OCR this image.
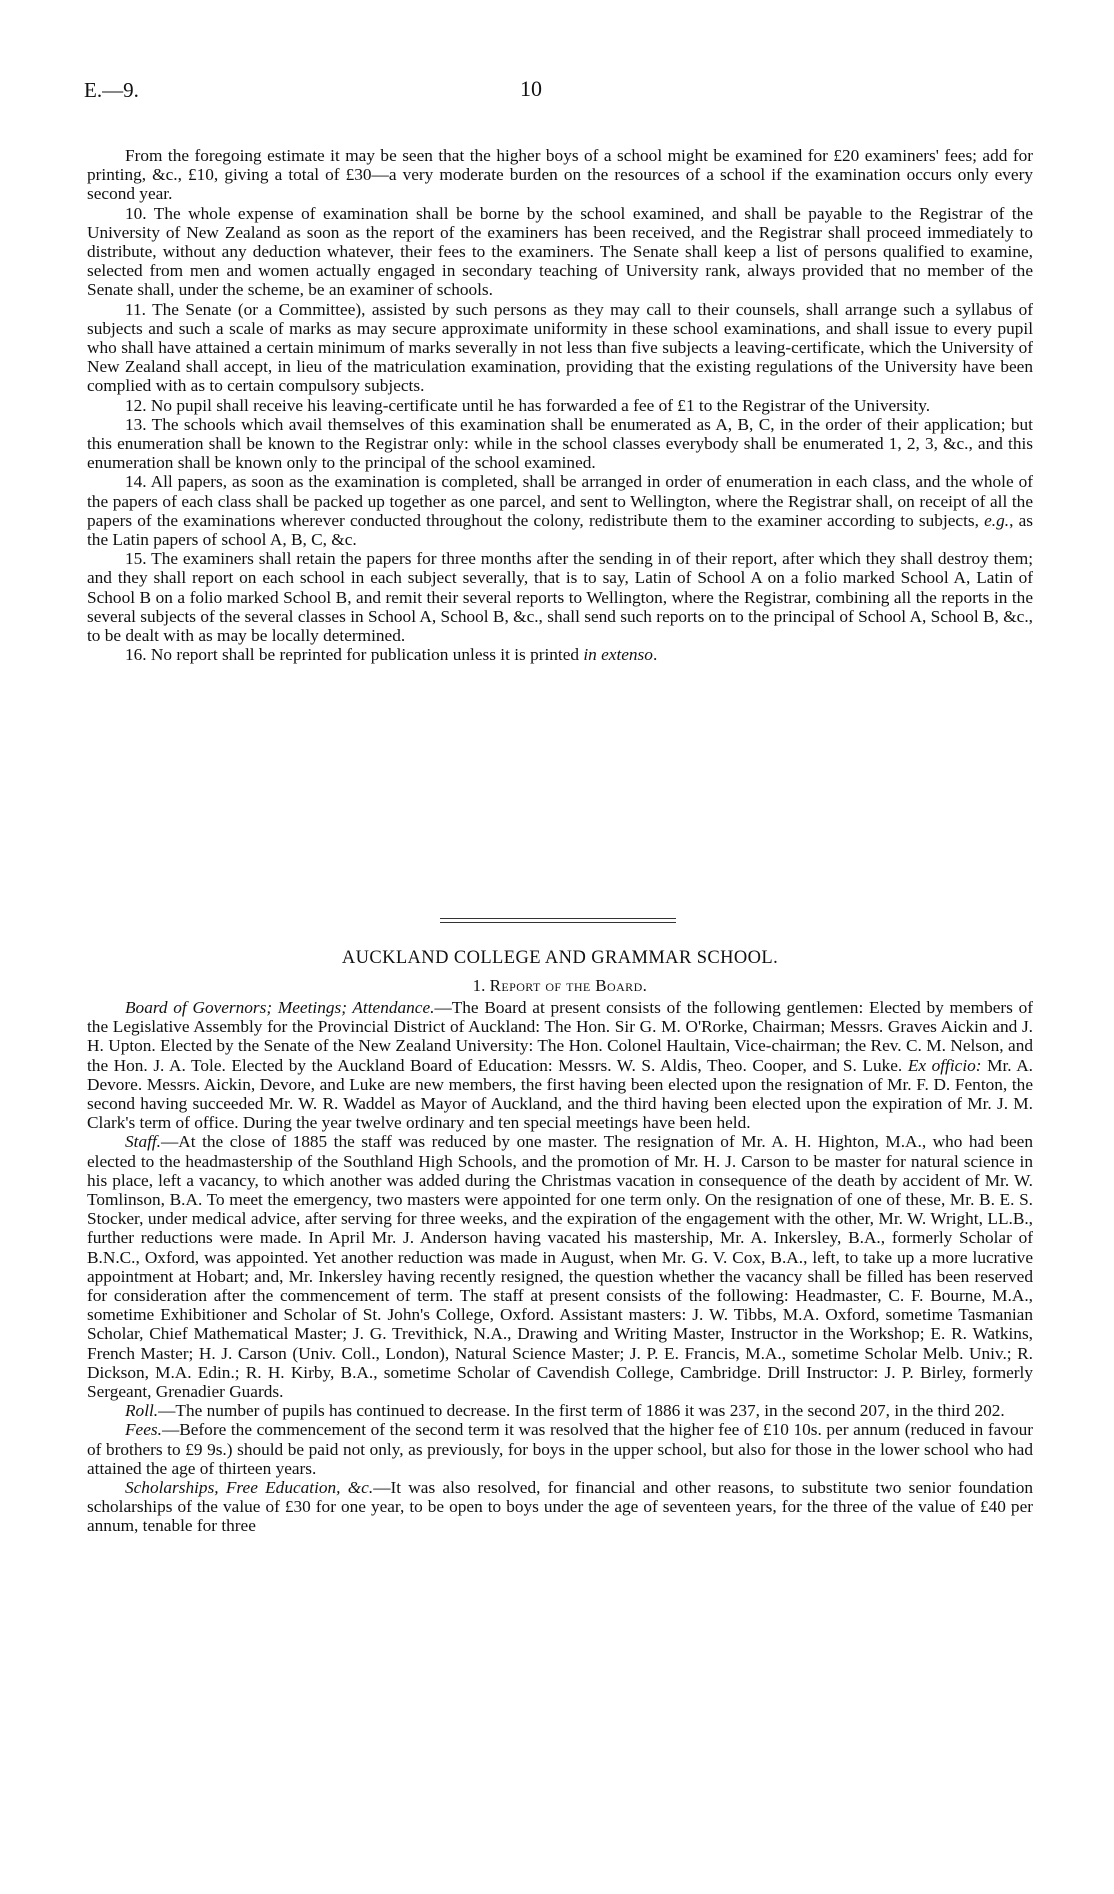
E.—9.	10

From the foregoing estimate it may be seen that the higher boys of a school might be examined for £20 examiners' fees; add for printing, &c., £10, giving a total of £30—a very moderate burden on the resources of a school if the examination occurs only every second year.

10. The whole expense of examination shall be borne by the school examined, and shall be payable to the Registrar of the University of New Zealand as soon as the report of the examiners has been received, and the Registrar shall proceed immediately to distribute, without any deduction whatever, their fees to the examiners. The Senate shall keep a list of persons qualified to examine, selected from men and women actually engaged in secondary teaching of University rank, always provided that no member of the Senate shall, under the scheme, be an examiner of schools.

11. The Senate (or a Committee), assisted by such persons as they may call to their counsels, shall arrange such a syllabus of subjects and such a scale of marks as may secure approximate uniformity in these school examinations, and shall issue to every pupil who shall have attained a certain minimum of marks severally in not less than five subjects a leaving-certificate, which the University of New Zealand shall accept, in lieu of the matriculation examination, providing that the existing regulations of the University have been complied with as to certain compulsory subjects.

12. No pupil shall receive his leaving-certificate until he has forwarded a fee of £1 to the Registrar of the University.

13. The schools which avail themselves of this examination shall be enumerated as A, B, C, in the order of their application; but this enumeration shall be known to the Registrar only: while in the school classes everybody shall be enumerated 1, 2, 3, &c., and this enumeration shall be known only to the principal of the school examined.

14. All papers, as soon as the examination is completed, shall be arranged in order of enumeration in each class, and the whole of the papers of each class shall be packed up together as one parcel, and sent to Wellington, where the Registrar shall, on receipt of all the papers of the examinations wherever conducted throughout the colony, redistribute them to the examiner according to subjects, e.g., as the Latin papers of school A, B, C, &c.

15. The examiners shall retain the papers for three months after the sending in of their report, after which they shall destroy them; and they shall report on each school in each subject severally, that is to say, Latin of School A on a folio marked School A, Latin of School B on a folio marked School B, and remit their several reports to Wellington, where the Registrar, combining all the reports in the several subjects of the several classes in School A, School B, &c., shall send such reports on to the principal of School A, School B, &c., to be dealt with as may be locally determined.

16. No report shall be reprinted for publication unless it is printed in extenso.

AUCKLAND COLLEGE AND GRAMMAR SCHOOL.
1. Report of the Board.

Board of Governors; Meetings; Attendance.—The Board at present consists of the following gentlemen: Elected by members of the Legislative Assembly for the Provincial District of Auckland: The Hon. Sir G. M. O'Rorke, Chairman; Messrs. Graves Aickin and J. H. Upton. Elected by the Senate of the New Zealand University: The Hon. Colonel Haultain, Vice-chairman; the Rev. C. M. Nelson, and the Hon. J. A. Tole. Elected by the Auckland Board of Education: Messrs. W. S. Aldis, Theo. Cooper, and S. Luke. Ex officio: Mr. A. Devore. Messrs. Aickin, Devore, and Luke are new members, the first having been elected upon the resignation of Mr. F. D. Fenton, the second having succeeded Mr. W. R. Waddel as Mayor of Auckland, and the third having been elected upon the expiration of Mr. J. M. Clark's term of office. During the year twelve ordinary and ten special meetings have been held.

Staff.—At the close of 1885 the staff was reduced by one master. The resignation of Mr. A. H. Highton, M.A., who had been elected to the headmastership of the Southland High Schools, and the promotion of Mr. H. J. Carson to be master for natural science in his place, left a vacancy, to which another was added during the Christmas vacation in consequence of the death by accident of Mr. W. Tomlinson, B.A. To meet the emergency, two masters were appointed for one term only. On the resignation of one of these, Mr. B. E. S. Stocker, under medical advice, after serving for three weeks, and the expiration of the engagement with the other, Mr. W. Wright, LL.B., further reductions were made. In April Mr. J. Anderson having vacated his mastership, Mr. A. Inkersley, B.A., formerly Scholar of B.N.C., Oxford, was appointed. Yet another reduction was made in August, when Mr. G. V. Cox, B.A., left, to take up a more lucrative appointment at Hobart; and, Mr. Inkersley having recently resigned, the question whether the vacancy shall be filled has been reserved for consideration after the commencement of term. The staff at present consists of the following: Headmaster, C. F. Bourne, M.A., sometime Exhibitioner and Scholar of St. John's College, Oxford. Assistant masters: J. W. Tibbs, M.A. Oxford, sometime Tasmanian Scholar, Chief Mathematical Master; J. G. Trevithick, N.A., Drawing and Writing Master, Instructor in the Workshop; E. R. Watkins, French Master; H. J. Carson (Univ. Coll., London), Natural Science Master; J. P. E. Francis, M.A., sometime Scholar Melb. Univ.; R. Dickson, M.A. Edin.; R. H. Kirby, B.A., sometime Scholar of Cavendish College, Cambridge. Drill Instructor: J. P. Birley, formerly Sergeant, Grenadier Guards.

Roll.—The number of pupils has continued to decrease. In the first term of 1886 it was 237, in the second 207, in the third 202.

Fees.—Before the commencement of the second term it was resolved that the higher fee of £10 10s. per annum (reduced in favour of brothers to £9 9s.) should be paid not only, as previously, for boys in the upper school, but also for those in the lower school who had attained the age of thirteen years.

Scholarships, Free Education, &c.—It was also resolved, for financial and other reasons, to substitute two senior foundation scholarships of the value of £30 for one year, to be open to boys under the age of seventeen years, for the three of the value of £40 per annum, tenable for three
